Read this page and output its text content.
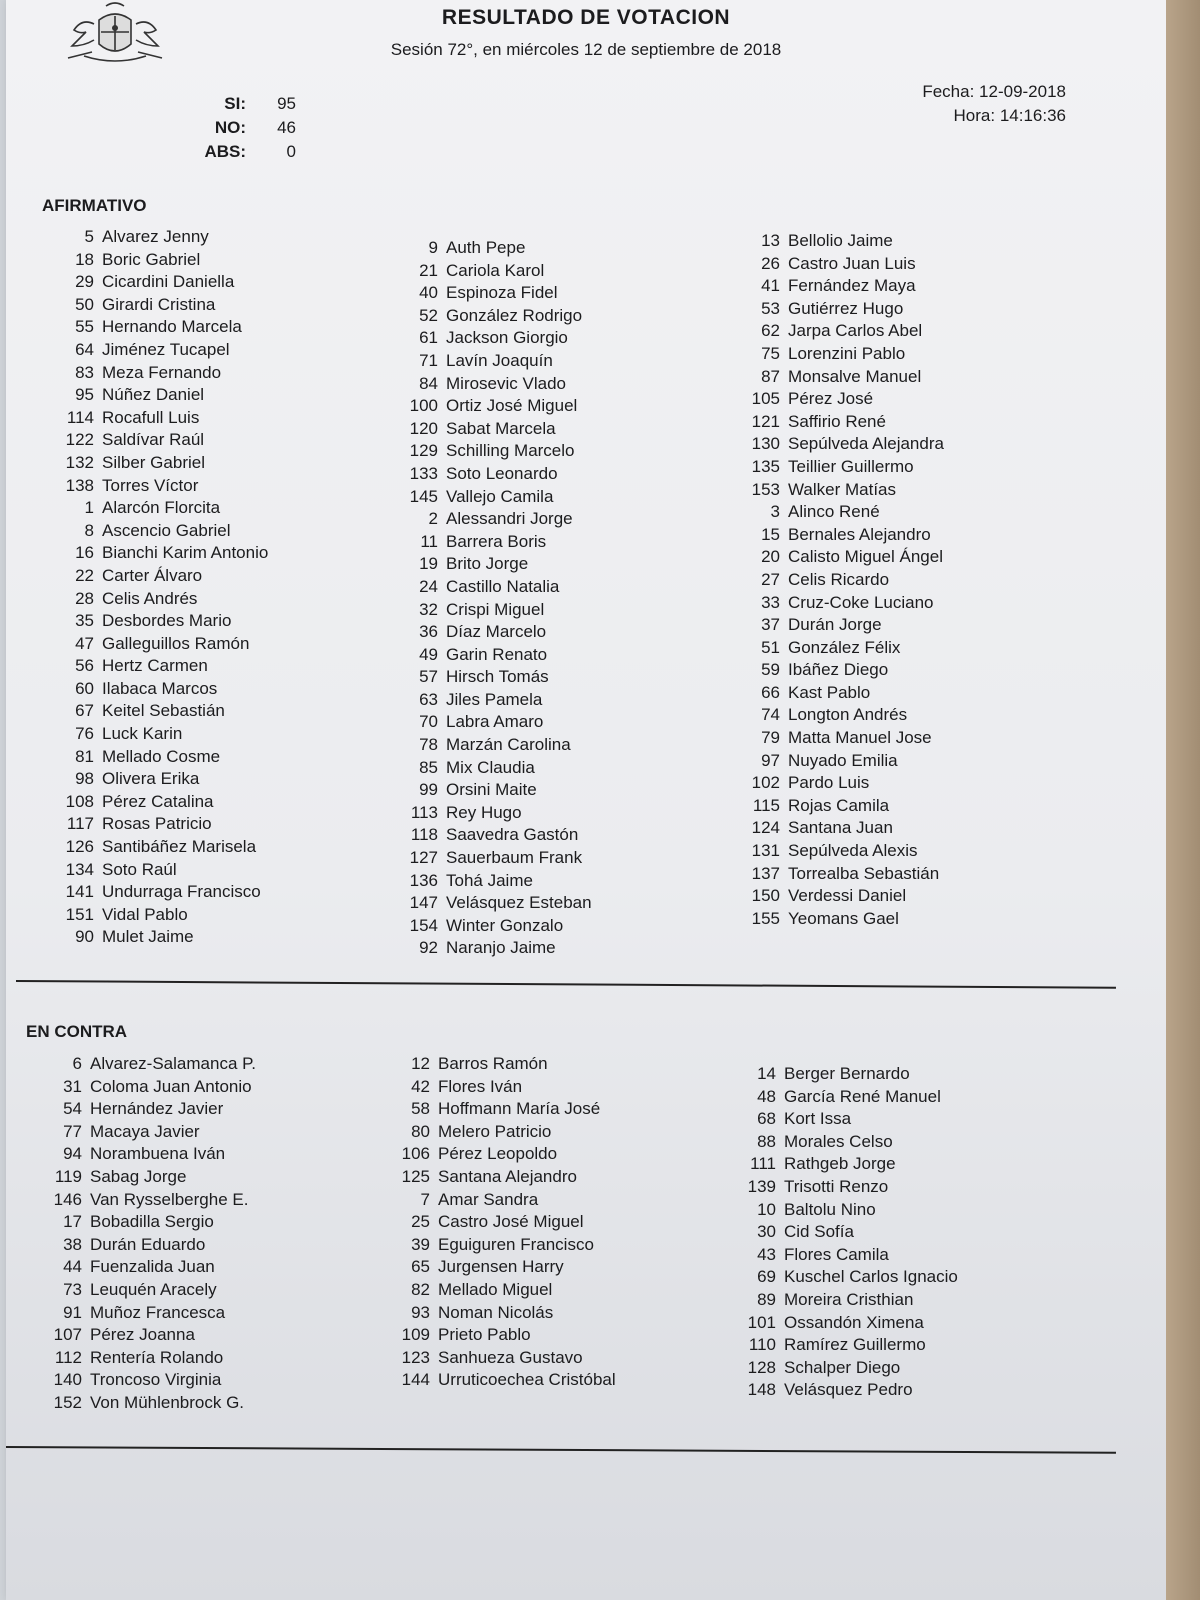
RESULTADO DE VOTACION
Sesión 72°, en miércoles 12 de septiembre de 2018
Fecha: 12-09-2018
Hora: 14:16:36
SI:	95
NO:	46
ABS:	0
AFIRMATIVO
5 Alvarez Jenny
18 Boric Gabriel
29 Cicardini Daniella
50 Girardi Cristina
55 Hernando Marcela
64 Jiménez Tucapel
83 Meza Fernando
95 Núñez Daniel
114 Rocafull Luis
122 Saldívar Raúl
132 Silber Gabriel
138 Torres Víctor
1 Alarcón Florcita
8 Ascencio Gabriel
16 Bianchi Karim Antonio
22 Carter Álvaro
28 Celis Andrés
35 Desbordes Mario
47 Galleguillos Ramón
56 Hertz Carmen
60 Ilabaca Marcos
67 Keitel Sebastián
76 Luck Karin
81 Mellado Cosme
98 Olivera Erika
108 Pérez Catalina
117 Rosas Patricio
126 Santibáñez Marisela
134 Soto Raúl
141 Undurraga Francisco
151 Vidal Pablo
90 Mulet Jaime
9 Auth Pepe
21 Cariola Karol
40 Espinoza Fidel
52 González Rodrigo
61 Jackson Giorgio
71 Lavín Joaquín
84 Mirosevic Vlado
100 Ortiz José Miguel
120 Sabat Marcela
129 Schilling Marcelo
133 Soto Leonardo
145 Vallejo Camila
2 Alessandri Jorge
11 Barrera Boris
19 Brito Jorge
24 Castillo Natalia
32 Crispi Miguel
36 Díaz Marcelo
49 Garin Renato
57 Hirsch Tomás
63 Jiles Pamela
70 Labra Amaro
78 Marzán Carolina
85 Mix Claudia
99 Orsini Maite
113 Rey Hugo
118 Saavedra Gastón
127 Sauerbaum Frank
136 Tohá Jaime
147 Velásquez Esteban
154 Winter Gonzalo
92 Naranjo Jaime
13 Bellolio Jaime
26 Castro Juan Luis
41 Fernández Maya
53 Gutiérrez Hugo
62 Jarpa Carlos Abel
75 Lorenzini Pablo
87 Monsalve Manuel
105 Pérez José
121 Saffirio René
130 Sepúlveda Alejandra
135 Teillier Guillermo
153 Walker Matías
3 Alinco René
15 Bernales Alejandro
20 Calisto Miguel Ángel
27 Celis Ricardo
33 Cruz-Coke Luciano
37 Durán Jorge
51 González Félix
59 Ibáñez Diego
66 Kast Pablo
74 Longton Andrés
79 Matta Manuel Jose
97 Nuyado Emilia
102 Pardo Luis
115 Rojas Camila
124 Santana Juan
131 Sepúlveda Alexis
137 Torrealba Sebastián
150 Verdessi Daniel
155 Yeomans Gael
EN CONTRA
6 Alvarez-Salamanca P.
31 Coloma Juan Antonio
54 Hernández Javier
77 Macaya Javier
94 Norambuena Iván
119 Sabag Jorge
146 Van Rysselberghe E.
17 Bobadilla Sergio
38 Durán Eduardo
44 Fuenzalida Juan
73 Leuquén Aracely
91 Muñoz Francesca
107 Pérez Joanna
112 Rentería Rolando
140 Troncoso Virginia
152 Von Mühlenbrock G.
12 Barros Ramón
42 Flores Iván
58 Hoffmann María José
80 Melero Patricio
106 Pérez Leopoldo
125 Santana Alejandro
7 Amar Sandra
25 Castro José Miguel
39 Eguiguren Francisco
65 Jurgensen Harry
82 Mellado Miguel
93 Noman Nicolás
109 Prieto Pablo
123 Sanhueza Gustavo
144 Urruticoechea Cristóbal
14 Berger Bernardo
48 García René Manuel
68 Kort Issa
88 Morales Celso
111 Rathgeb Jorge
139 Trisotti Renzo
10 Baltolu Nino
30 Cid Sofía
43 Flores Camila
69 Kuschel Carlos Ignacio
89 Moreira Cristhian
101 Ossandón Ximena
110 Ramírez Guillermo
128 Schalper Diego
148 Velásquez Pedro
